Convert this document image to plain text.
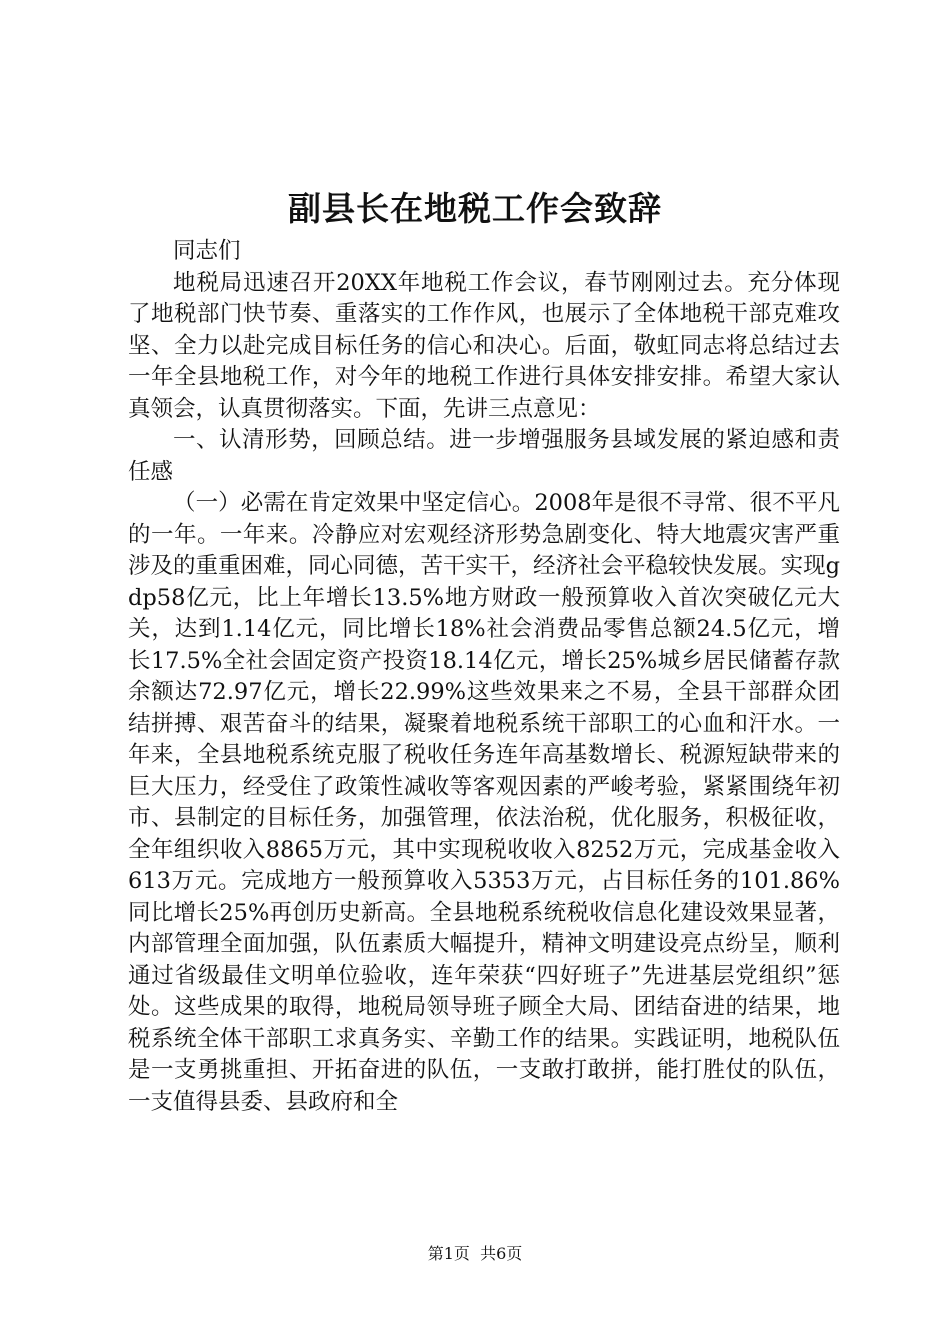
副县长在地税工作会致辞

同志们

地税局迅速召开20XX年地税工作会议，春节刚刚过去。充分体现了地税部门快节奏、重落实的工作作风，也展示了全体地税干部克难攻坚、全力以赴完成目标任务的信心和决心。后面，敬虹同志将总结过去一年全县地税工作，对今年的地税工作进行具体安排安排。希望大家认真领会，认真贯彻落实。下面，先讲三点意见：

一、认清形势，回顾总结。进一步增强服务县域发展的紧迫感和责任感

（一）必需在肯定效果中坚定信心。2008年是很不寻常、很不平凡的一年。一年来。冷静应对宏观经济形势急剧变化、特大地震灾害严重涉及的重重困难，同心同德，苦干实干，经济社会平稳较快发展。实现gdp58亿元，比上年增长13.5%地方财政一般预算收入首次突破亿元大关，达到1.14亿元，同比增长18%社会消费品零售总额24.5亿元，增长17.5%全社会固定资产投资18.14亿元，增长25%城乡居民储蓄存款余额达72.97亿元，增长22.99%这些效果来之不易，全县干部群众团结拼搏、艰苦奋斗的结果，凝聚着地税系统干部职工的心血和汗水。一年来，全县地税系统克服了税收任务连年高基数增长、税源短缺带来的巨大压力，经受住了政策性减收等客观因素的严峻考验，紧紧围绕年初市、县制定的目标任务，加强管理，依法治税，优化服务，积极征收，全年组织收入8865万元，其中实现税收收入8252万元，完成基金收入613万元。完成地方一般预算收入5353万元，占目标任务的101.86%同比增长25%再创历史新高。全县地税系统税收信息化建设效果显著，内部管理全面加强，队伍素质大幅提升，精神文明建设亮点纷呈，顺利通过省级最佳文明单位验收，连年荣获“四好班子”先进基层党组织”惩处。这些成果的取得，地税局领导班子顾全大局、团结奋进的结果，地税系统全体干部职工求真务实、辛勤工作的结果。实践证明，地税队伍是一支勇挑重担、开拓奋进的队伍，一支敢打敢拼，能打胜仗的队伍，一支值得县委、县政府和全

第1页  共6页
